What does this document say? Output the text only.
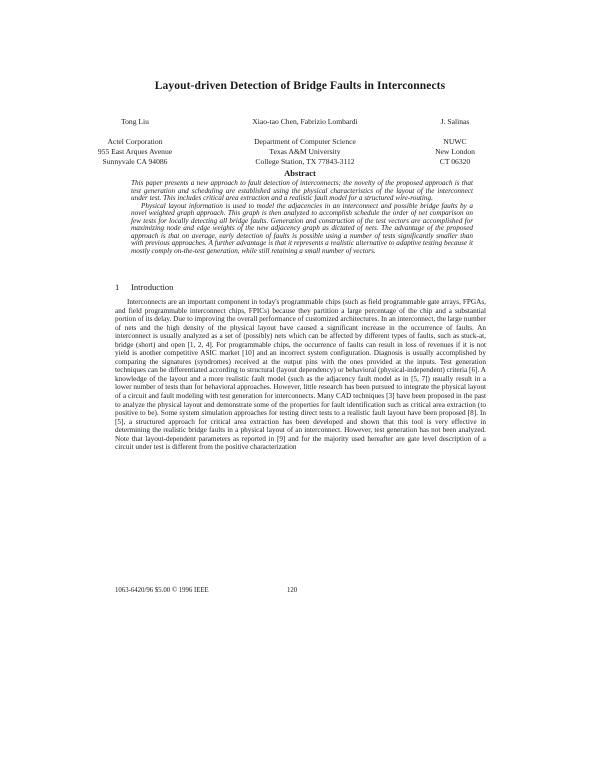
Layout-driven Detection of Bridge Faults in Interconnects
Tong Liu
Actel Corporation
955 East Arques Avenue
Sunnyvale CA 94086
Xiao-tao Chen, Fabrizio Lombardi
Department of Computer Science
Texas A&M University
College Station, TX 77843-3112
J. Salinas
NUWC
New London
CT 06320
Abstract

This paper presents a new approach to fault detection of interconnects; the novelty of the proposed approach is that test generation and scheduling are established using the physical characteristics of the layout of the interconnect under test. This includes critical area extraction and a realistic fault model for a structured wire-routing.

Physical layout information is used to model the adjacencies in an interconnect and possible bridge faults by a novel weighted graph approach. This graph is then analyzed to accomplish schedule the order of net comparison on few tests for locally detecting all bridge faults. Generation and construction of the test vectors are accomplished for maximizing node and edge weights of the new adjacency graph as dictated of nets. The advantage of the proposed approach is that on average, early detection of faults is possible using a number of tests significantly smaller than with previous approaches. A further advantage is that it represents a realistic alternative to adaptive testing because it mostly comply on-the-test generation, while still retaining a small number of vectors.

1 Introduction

Interconnects are an important component in today's programmable chips (such as field programmable gate arrays, FPGAs, and field programmable interconnect chips, FPICs) because they partition a large percentage of the chip and a substantial portion of its delay. Due to improving the overall performance of customized architectures. In an interconnect, the large number of nets and the high density of the physical layout have caused a significant increase in the occurrence of faults. An interconnect is usually analyzed as a set of (possibly) nets which can be affected by different types of faults, such as stuck-at, bridge (short) and open [1, 2, 4]. For programmable chips, the occurrence of faults can result in loss of revenues if it is not yield is another competitive ASIC market [10] and an incorrect system configuration. Diagnosis is usually accomplished by comparing the signatures (syndromes) received at the output pins with the ones provided at the inputs. Test generation techniques can be differentiated according to structural (layout dependency) or behavioral (physical-independent) criteria [6]. A knowledge of the layout and a more realistic fault model (such as the adjacency fault model as in [5, 7]) usually result in a lower number of tests than for behavioral approaches. However, little research has been pursued to integrate the physical layout of a circuit and fault modeling with test generation for interconnects. Many CAD techniques [3] have been proposed in the past to analyze the physical layout and demonstrate some of the properties for fault identification such as critical area extraction (to positive to be). Some system simulation approaches for testing direct tests to a realistic fault layout have been proposed [8]. In [5], a structured approach for critical area extraction has been developed and shown that this tool is very effective in determining the realistic bridge faults in a physical layout of an interconnect. However, test generation has not been analyzed. Note that layout-dependent parameters as reported in [9] and for the majority used hereafter are gate level description of a circuit under test is different from the positive characterization

1063-6420/96 $5.00 © 1996 IEEE	120
